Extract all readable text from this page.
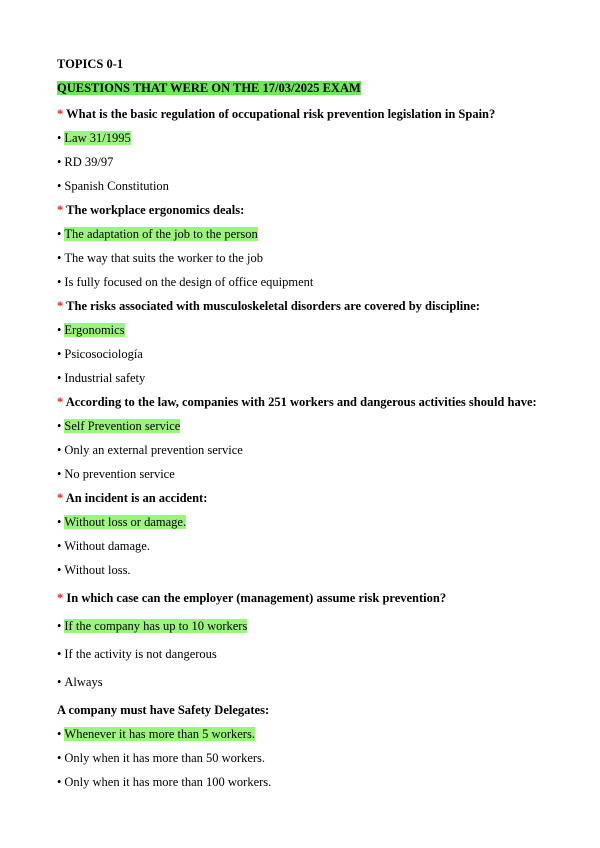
TOPICS 0-1
QUESTIONS THAT WERE ON THE 17/03/2025 EXAM
* What is the basic regulation of occupational risk prevention legislation in Spain?
• Law 31/1995
• RD 39/97
• Spanish Constitution
* The workplace ergonomics deals:
• The adaptation of the job to the person
• The way that suits the worker to the job
• Is fully focused on the design of office equipment
* The risks associated with musculoskeletal disorders are covered by discipline:
• Ergonomics
• Psicosociología
• Industrial safety
* According to the law, companies with 251 workers and dangerous activities should have:
• Self Prevention service
• Only an external prevention service
• No prevention service
* An incident is an accident:
• Without loss or damage.
• Without damage.
• Without loss.
* In which case can the employer (management) assume risk prevention?
• If the company has up to 10 workers
• If the activity is not dangerous
• Always
A company must have Safety Delegates:
• Whenever it has more than 5 workers.
• Only when it has more than 50 workers.
• Only when it has more than 100 workers.
